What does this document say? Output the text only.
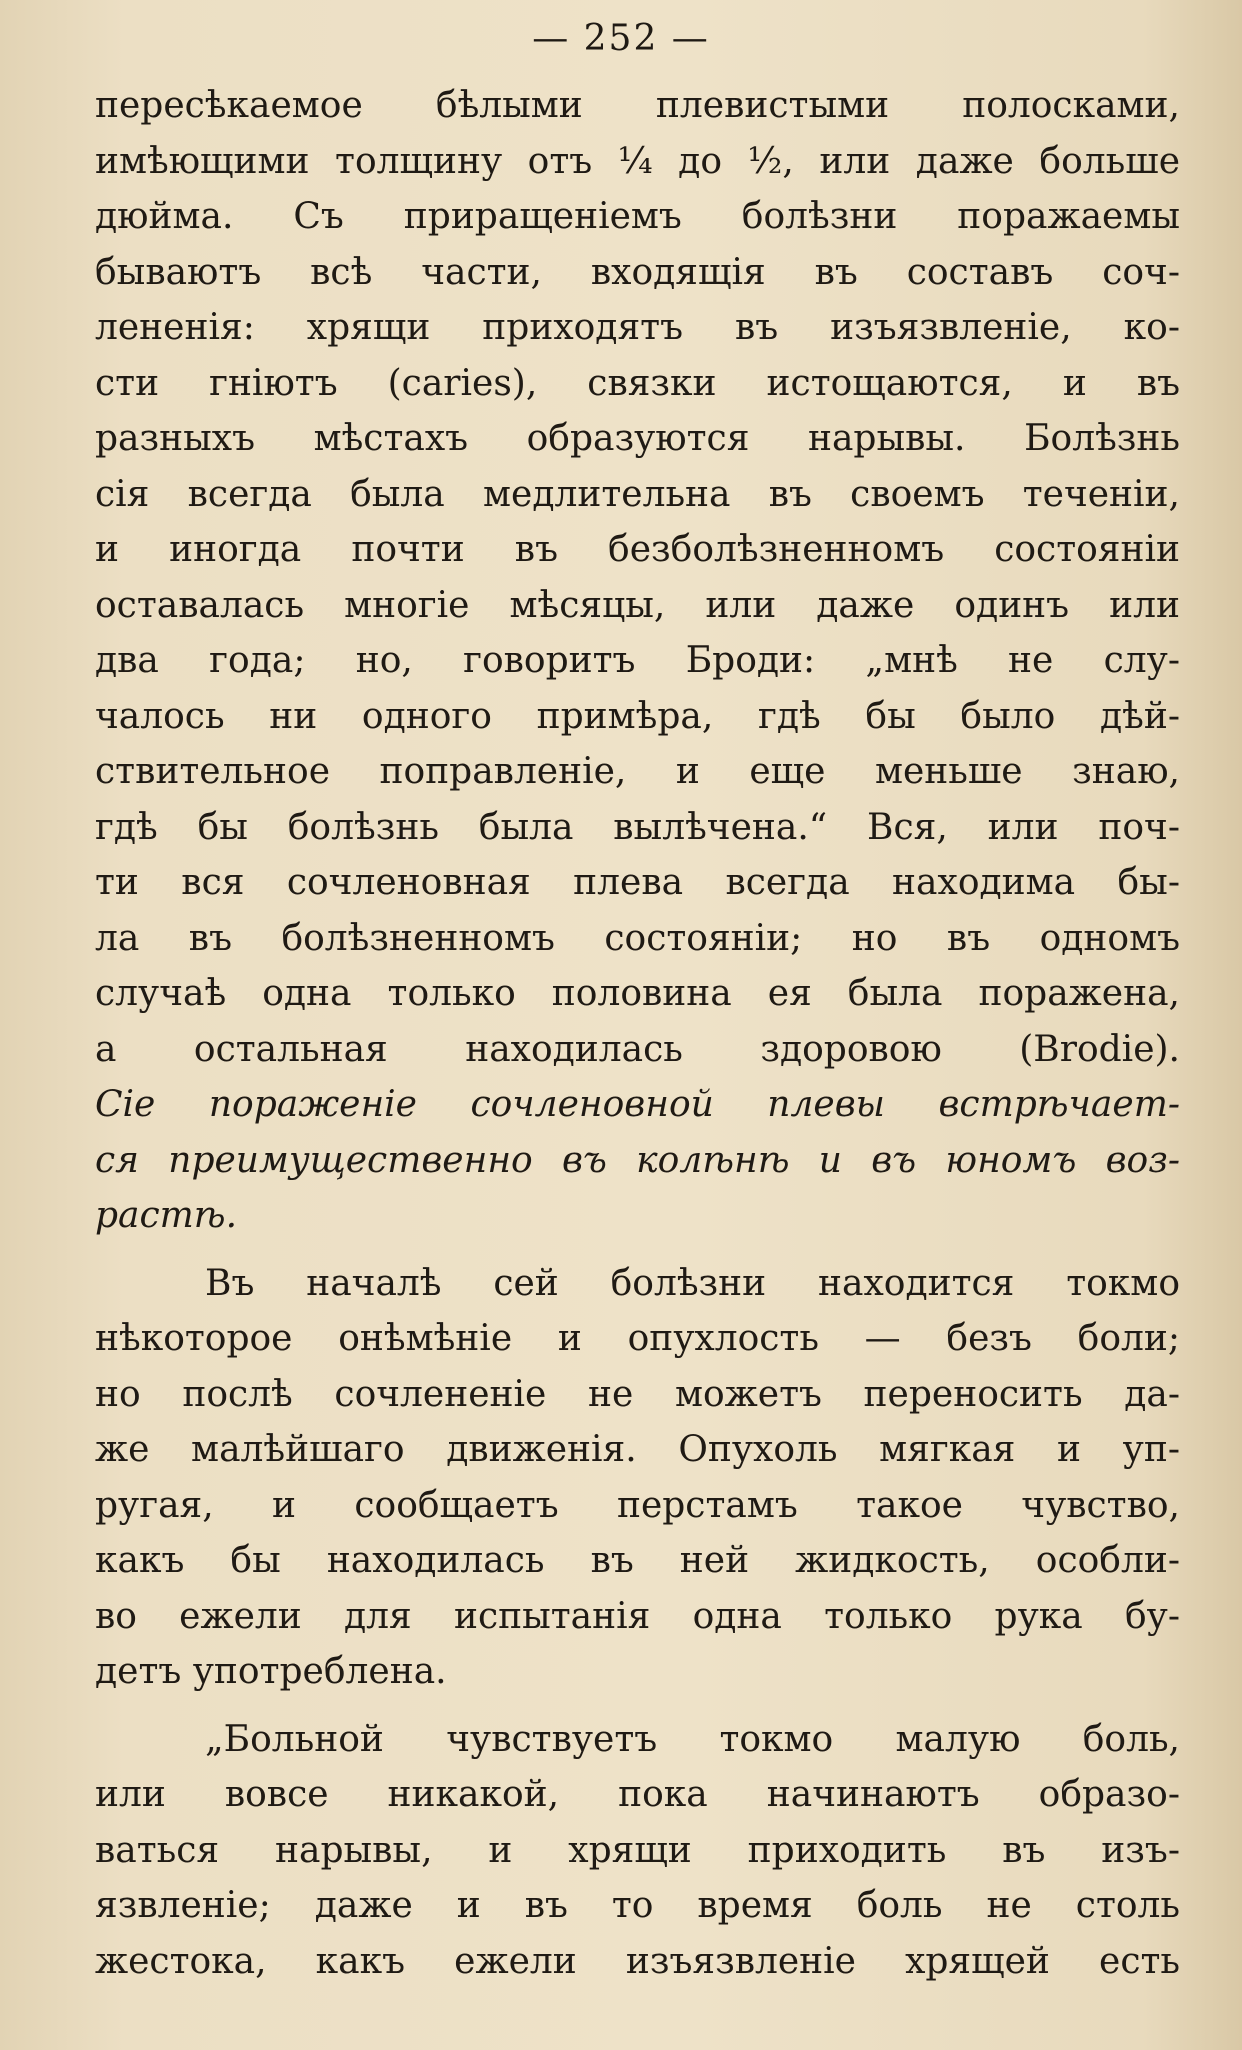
— 252 —
пересѣкаемое бѣлыми плевистыми полосками,
имѣющими толщину отъ ¼ до ½, или даже больше
дюйма. Съ приращеніемъ болѣзни поражаемы
бываютъ всѣ части, входящія въ составъ соч-
лененія: хрящи приходятъ въ изъязвленіе, ко-
сти гніютъ (caries), связки истощаются, и въ
разныхъ мѣстахъ образуются нарывы. Болѣзнь
сія всегда была медлительна въ своемъ теченіи,
и иногда почти въ безболѣзненномъ состояніи
оставалась многіе мѣсяцы, или даже одинъ или
два года; но, говоритъ Броди: „мнѣ не слу-
чалось ни одного примѣра, гдѣ бы было дѣй-
ствительное поправленіе, и еще меньше знаю,
гдѣ бы болѣзнь была вылѣчена.“ Вся, или поч-
ти вся сочленовная плева всегда находима бы-
ла въ болѣзненномъ состояніи; но въ одномъ
случаѣ одна только половина ея была поражена,
а остальная находилась здоровою (Brodie).
Сіе пораженіе сочленовной плевы встрѣчает-
ся преимущественно въ колѣнѣ и въ юномъ воз-
растѣ.
Въ началѣ сей болѣзни находится токмо
нѣкоторое онѣмѣніе и опухлость — безъ боли;
но послѣ сочлененіе не можетъ переносить да-
же малѣйшаго движенія. Опухоль мягкая и уп-
ругая, и сообщаетъ перстамъ такое чувство,
какъ бы находилась въ ней жидкость, особли-
во ежели для испытанія одна только рука бу-
детъ употреблена.
„Больной чувствуетъ токмо малую боль,
или вовсе никакой, пока начинаютъ образо-
ваться нарывы, и хрящи приходить въ изъ-
язвленіе; даже и въ то время боль не столь
жестока, какъ ежели изъязвленіе хрящей есть
